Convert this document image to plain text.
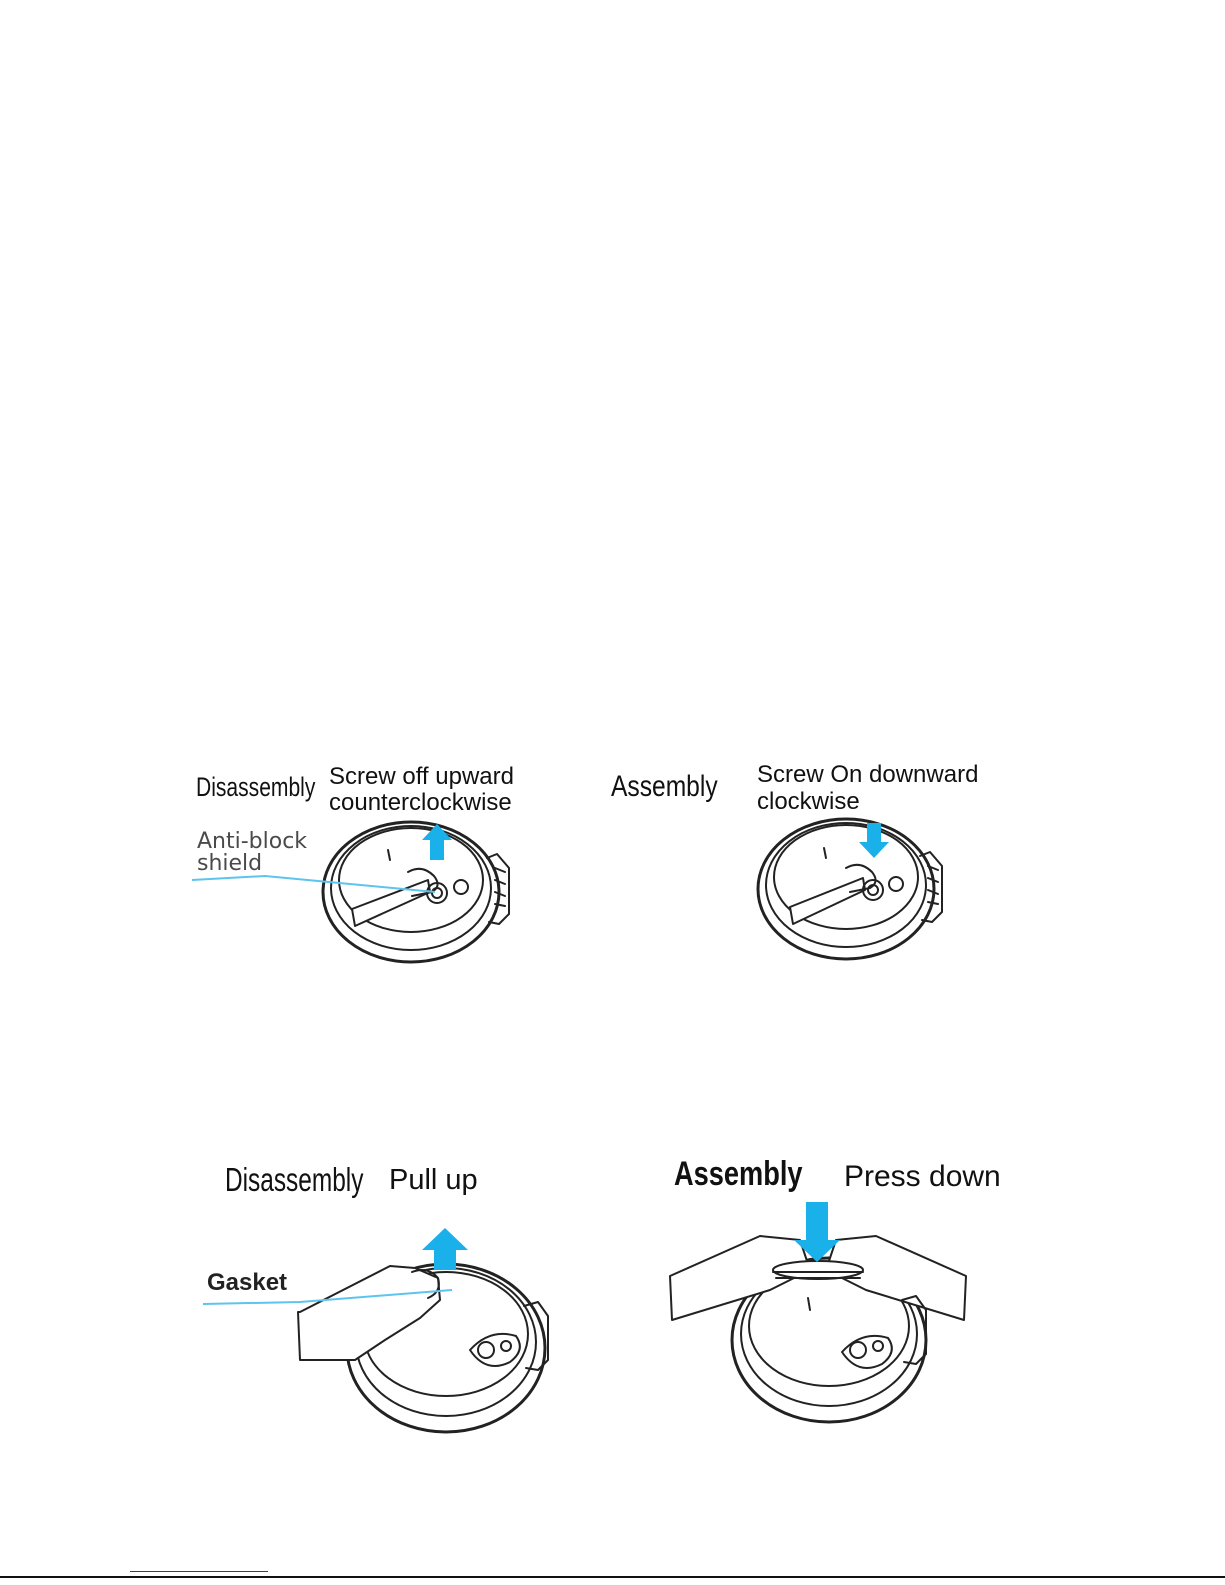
Disassembly Screw off upward
counterclockwise
Anti-block
shield
Assembly Screw On downward
clockwise
Disassembly Pull up
Gasket
Assembly Press down
